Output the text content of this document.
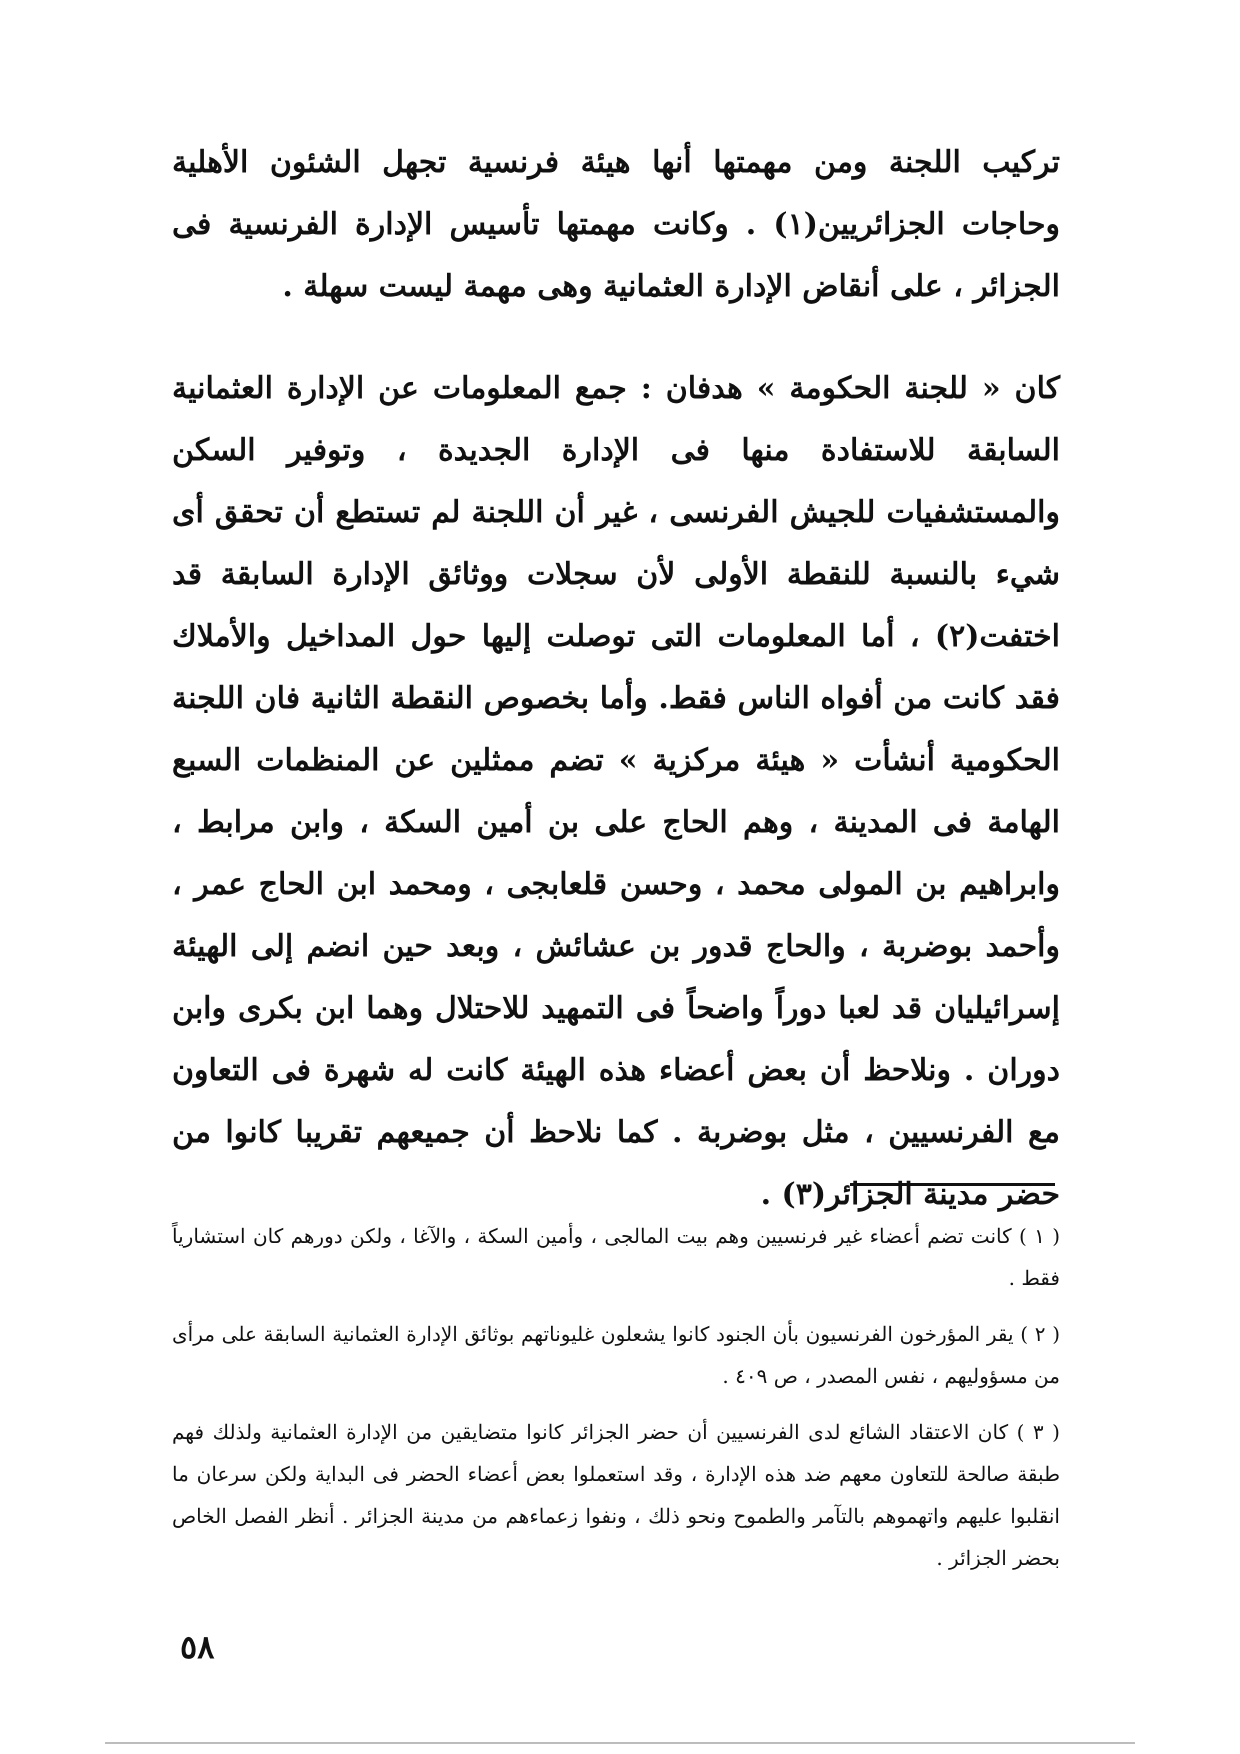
تركيب اللجنة ومن مهمتها أنها هيئة فرنسية تجهل الشئون الأهلية وحاجات الجزائريين(١) . وكانت مهمتها تأسيس الإدارة الفرنسية فى الجزائر ، على أنقاض الإدارة العثمانية وهى مهمة ليست سهلة .

كان « للجنة الحكومة » هدفان : جمع المعلومات عن الإدارة العثمانية السابقة للاستفادة منها فى الإدارة الجديدة ، وتوفير السكن والمستشفيات للجيش الفرنسى ، غير أن اللجنة لم تستطع أن تحقق أى شيء بالنسبة للنقطة الأولى لأن سجلات ووثائق الإدارة السابقة قد اختفت(٢) ، أما المعلومات التى توصلت إليها حول المداخيل والأملاك فقد كانت من أفواه الناس فقط. وأما بخصوص النقطة الثانية فان اللجنة الحكومية أنشأت « هيئة مركزية » تضم ممثلين عن المنظمات السبع الهامة فى المدينة ، وهم الحاج على بن أمين السكة ، وابن مرابط ، وابراهيم بن المولى محمد ، وحسن قلعابجى ، ومحمد ابن الحاج عمر ، وأحمد بوضربة ، والحاج قدور بن عشائش ، وبعد حين انضم إلى الهيئة إسرائيليان قد لعبا دوراً واضحاً فى التمهيد للاحتلال وهما ابن بكرى وابن دوران . ونلاحظ أن بعض أعضاء هذه الهيئة كانت له شهرة فى التعاون مع الفرنسيين ، مثل بوضربة . كما نلاحظ أن جميعهم تقريبا كانوا من حضر مدينة الجزائر(٣) .

( ١ ) كانت تضم أعضاء غير فرنسيين وهم بيت المالجى ، وأمين السكة ، والآغا ، ولكن دورهم كان استشارياً فقط .

( ٢ ) يقر المؤرخون الفرنسيون بأن الجنود كانوا يشعلون غليوناتهم بوثائق الإدارة العثمانية السابقة على مرأى من مسؤوليهم ، نفس المصدر ، ص ٤٠٩ .

( ٣ ) كان الاعتقاد الشائع لدى الفرنسيين أن حضر الجزائر كانوا متضايقين من الإدارة العثمانية ولذلك فهم طبقة صالحة للتعاون معهم ضد هذه الإدارة ، وقد استعملوا بعض أعضاء الحضر فى البداية ولكن سرعان ما انقلبوا عليهم واتهموهم بالتآمر والطموح ونحو ذلك ، ونفوا زعماءهم من مدينة الجزائر . أنظر الفصل الخاص بحضر الجزائر .

٥٨
